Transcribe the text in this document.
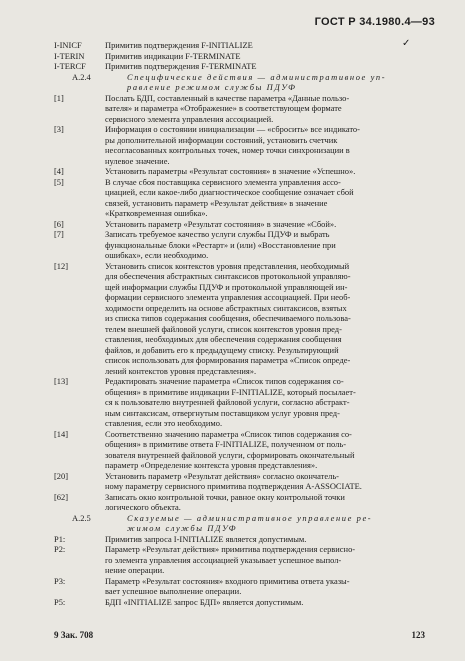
ГОСТ Р 34.1980.4—93
✓
I-INICF	Примитив подтверждения F-INITIALIZE
I-TERIN	Примитив индикации F-TERMINATE
I-TERCF	Примитив подтверждения F-TERMINATE
A.2.4	Специфические действия — административное уп-
равление режимом службы ПДУФ
[1]	Послать БДП, составленный в качестве параметра «Данные пользо-
вателя» и параметра «Отображение» в соответствующем формате
сервисного элемента управления ассоциацией.
[3]	Информация о состоянии инициализации — «сбросить» все индикато-
ры дополнительной информации состояний, установить счетчик
несогласованных контрольных точек, номер точки синхронизации в
нулевое значение.
[4]	Установить параметры «Результат состояния» в значение «Успешно».
[5]	В случае сбоя поставщика сервисного элемента управления ассо-
циацией, если какое-либо диагностическое сообщение означает сбой
связей, установить параметр «Результат действия» в значение
«Кратковременная ошибка».
[6]	Установить параметр «Результат состояния» в значение «Сбой».
[7]	Записать требуемое качество услуги службы ПДУФ и выбрать
функциональные блоки «Рестарт» и (или) «Восстановление при
ошибках», если необходимо.
[12]	Установить список контекстов уровня представления, необходимый
для обеспечения абстрактных синтаксисов протокольной управляю-
щей информации службы ПДУФ и протокольной управляющей ин-
формации сервисного элемента управления ассоциацией. При необ-
ходимости определить на основе абстрактных синтаксисов, взятых
из списка типов содержания сообщения, обеспечиваемого пользова-
телем внешней файловой услуги, список контекстов уровня пред-
ставления, необходимых для обеспечения содержания сообщения
файлов, и добавить его к предыдущему списку. Результирующий
список использовать для формирования параметра «Список опреде-
лений контекстов уровня представления».
[13]	Редактировать значение параметра «Список типов содержания со-
общения» в примитиве индикации F-INITIALIZE, который посылает-
ся к пользователю внутренней файловой услуги, согласно абстракт-
ным синтаксисам, отвергнутым поставщиком услуг уровня пред-
ставления, если это необходимо.
[14]	Соответственно значению параметра «Список типов содержания со-
общения» в примитиве ответа F-INITIALIZE, полученном от поль-
зователя внутренней файловой услуги, сформировать окончательный
параметр «Определение контекста уровня представления».
[20]	Установить параметр «Результат действия» согласно окончатель-
ному параметру сервисного примитива подтверждения A-ASSOCIATE.
[62]	Записать окно контрольной точки, равное окну контрольной точки
логического объекта.
A.2.5	Сказуемые — административное управление ре-
жимом службы ПДУФ
P1:	Примитив запроса I-INITIALIZE является допустимым.
P2:	Параметр «Результат действия» примитива подтверждения сервисно-
го элемента управления ассоциацией указывает успешное выпол-
нение операции.
P3:	Параметр «Результат состояния» входного примитива ответа указы-
вает успешное выполнение операции.
P5:	БДП «INITIALIZE запрос БДП» является допустимым.
9 Зак. 708	123
